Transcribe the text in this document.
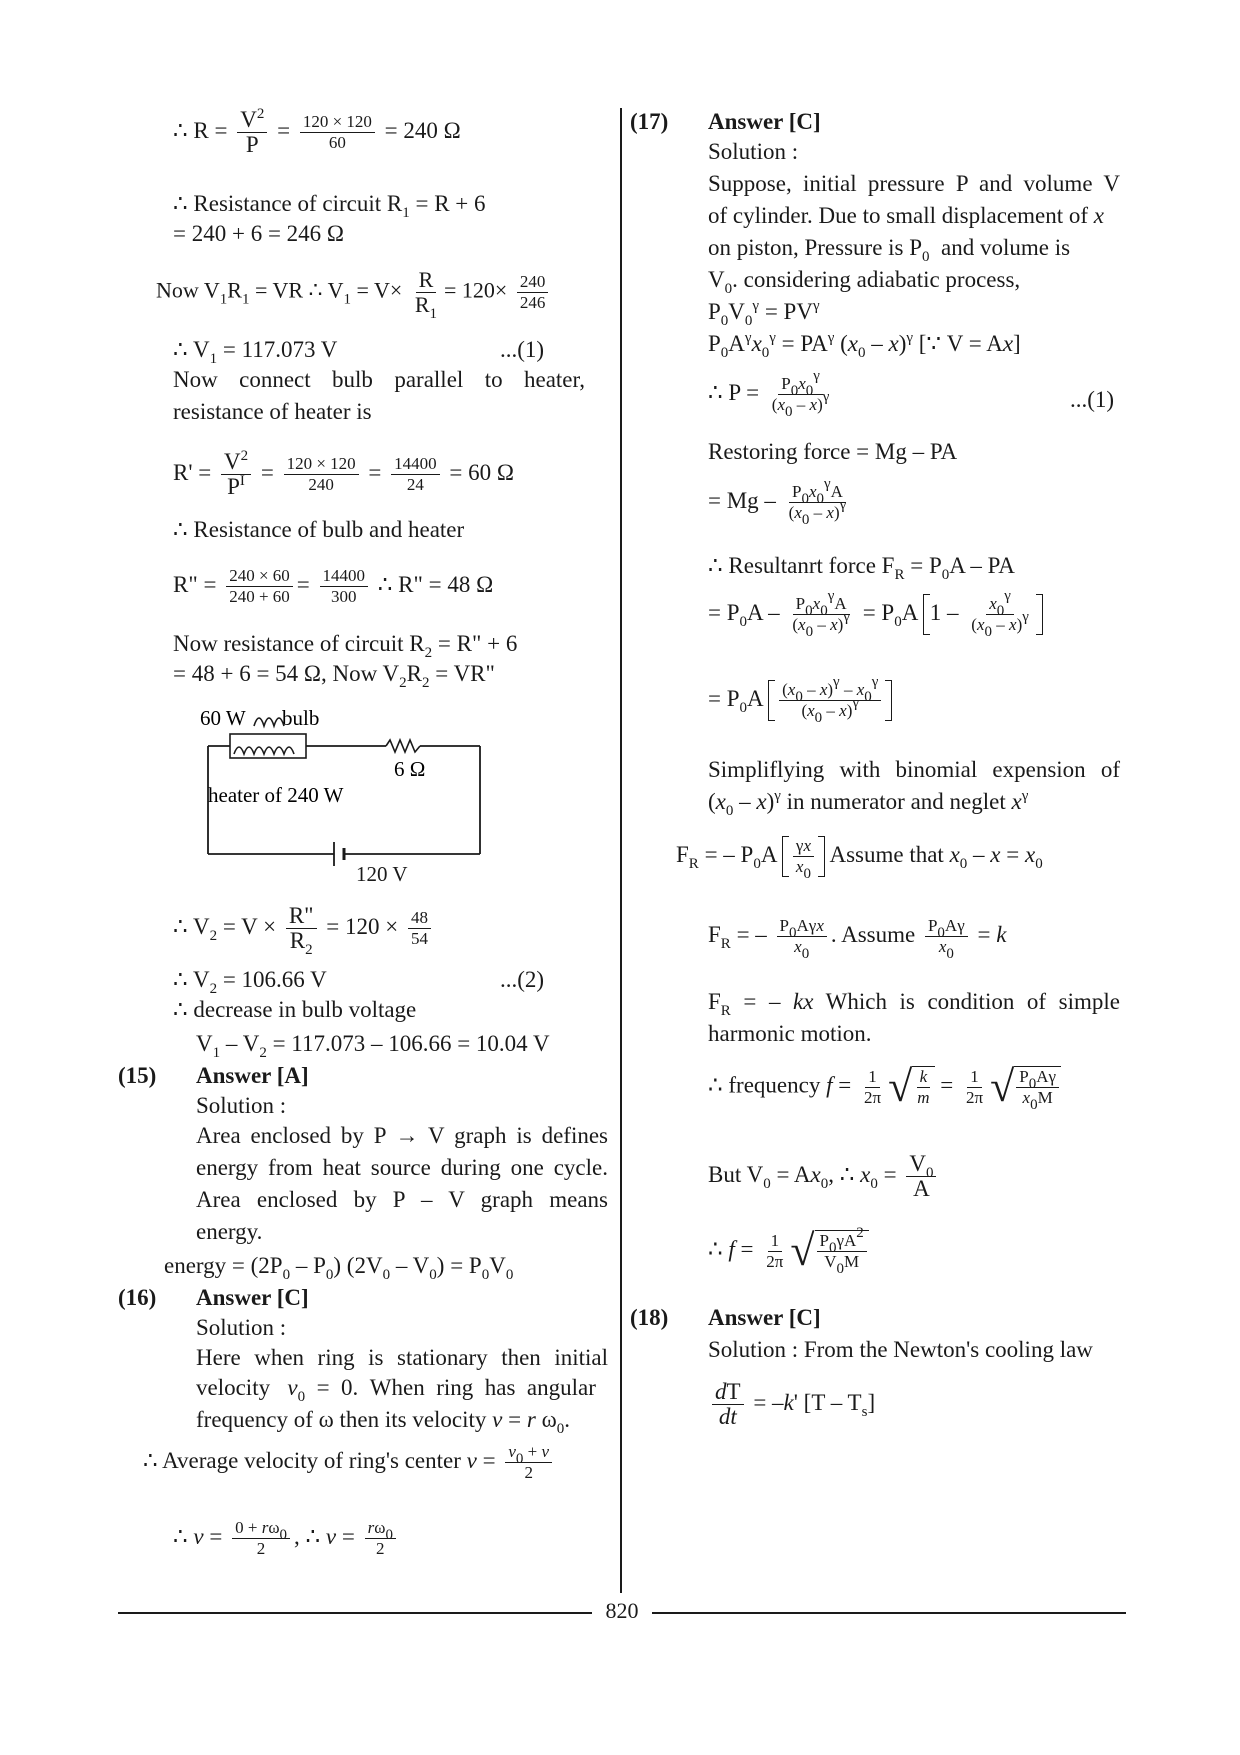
∴ $R = \frac{V^2}{P} = \frac{120 \times 120}{60} = 240$ Ω
∴ Resistance of circuit $R_1 = R + 6$
= 240 + 6 = 246 Ω
Now $V_1R_1$ = VR ∴ $V_1 = V\times \frac{R}{R_1} = 120\times \frac{240}{246}$
∴ $V_1 = 117.073$ V	...(1)
Now connect bulb parallel to heater,
resistance of heater is
$R' = \frac{V^2}{P^I} = \frac{120 \times 120}{240} = \frac{14400}{24} = 60$ Ω
∴ Resistance of bulb and heater
R" = $\frac{240 \times 60}{240 + 60} = \frac{14400}{300}$ ∴ R" = 48 Ω
Now resistance of circuit $R_2 = R$" + 6
= 48 + 6 = 54 Ω, Now $V_2R_2$ = VR"
60 W bulb
6 Ω
heater of 240 W
120 V
∴ $V_2 = V \times \frac{R"}{R_2} = 120 \times \frac{48}{54}$
∴ $V_2 = 106.66$ V	...(2)
∴ decrease in bulb voltage
$V_1 - V_2 = 117.073 - 106.66 = 10.04$ V
(15) Answer [A]
Solution :
Area enclosed by P → V graph is defines
energy from heat source during one cycle.
Area enclosed by P – V graph means
energy.
energy = $(2P_0 - P_0)$ $(2V_0 - V_0) = P_0V_0$
(16) Answer [C]
Solution :
Here when ring is stationary then initial
velocity   $v_0 = 0$.  When  ring  has  angular
frequency of ω then its velocity v = r $\omega_0$.
∴ Average velocity of ring's center $v = \frac{v_0 + v}{2}$
∴ $v = \frac{0 + r\omega_0}{2}$ , ∴ $v = \frac{r\omega_0}{2}$
(17) Answer [C]
Solution :
Suppose, initial pressure P and volume V
of cylinder. Due to small displacement of x
on piston, Pressure is $P_0$ and volume is
$V_0$. considering adiabatic process,
$P_0V_0^\gamma = PV^\gamma$
$P_0A^\gamma x_0^\gamma = PA^\gamma$ $(x_0 - x)^\gamma$ [∵ V = Ax]
∴ $P = \frac{P_0x_0^\gamma}{(x_0 - x)^\gamma}$	...(1)
Restoring force = Mg – PA
= Mg – $\frac{P_0x_0^\gamma A}{(x_0 - x)^\gamma}$
∴ Resultanrt force $F_R = P_0A$ – PA
= $P_0A - \frac{P_0x_0^\gamma A}{(x_0 - x)^\gamma} = P_0A$ $1 - \frac{x_0^\gamma}{(x_0 - x)^\gamma}$
= $P_0A \frac{(x_0 - x)^\gamma - x_0^\gamma}{(x_0 - x)^\gamma}$
Simpliflying with binomial expension of
$(x_0 - x)^\gamma$ in numerator and neglet $x^\gamma$
$F_R$ = – $P_0A \frac{\gamma x}{x_0}$ Assume that $x_0 - x = x_0$
$F_R$ = – $\frac{P_0A\gamma x}{x_0}$ . Assume $\frac{P_0A\gamma}{x_0} = k$
$F_R$ = – kx Which is condition of simple
harmonic motion.
∴ frequency $f = \frac{1}{2\pi}$ √ $\frac{k}{m} = \frac{1}{2\pi}$ √ $\frac{P_0A\gamma}{x_0M}$
But $V_0 = Ax_0$, ∴ $x_0 = \frac{V_0}{A}$
∴ $f = \frac{1}{2\pi}$ √ $\frac{P_0\gamma A^2}{V_0M}$
(18) Answer [C]
Solution : From the Newton's cooling law
$\frac{dT}{dt} = -k'$ $[T - T_s]$
820
